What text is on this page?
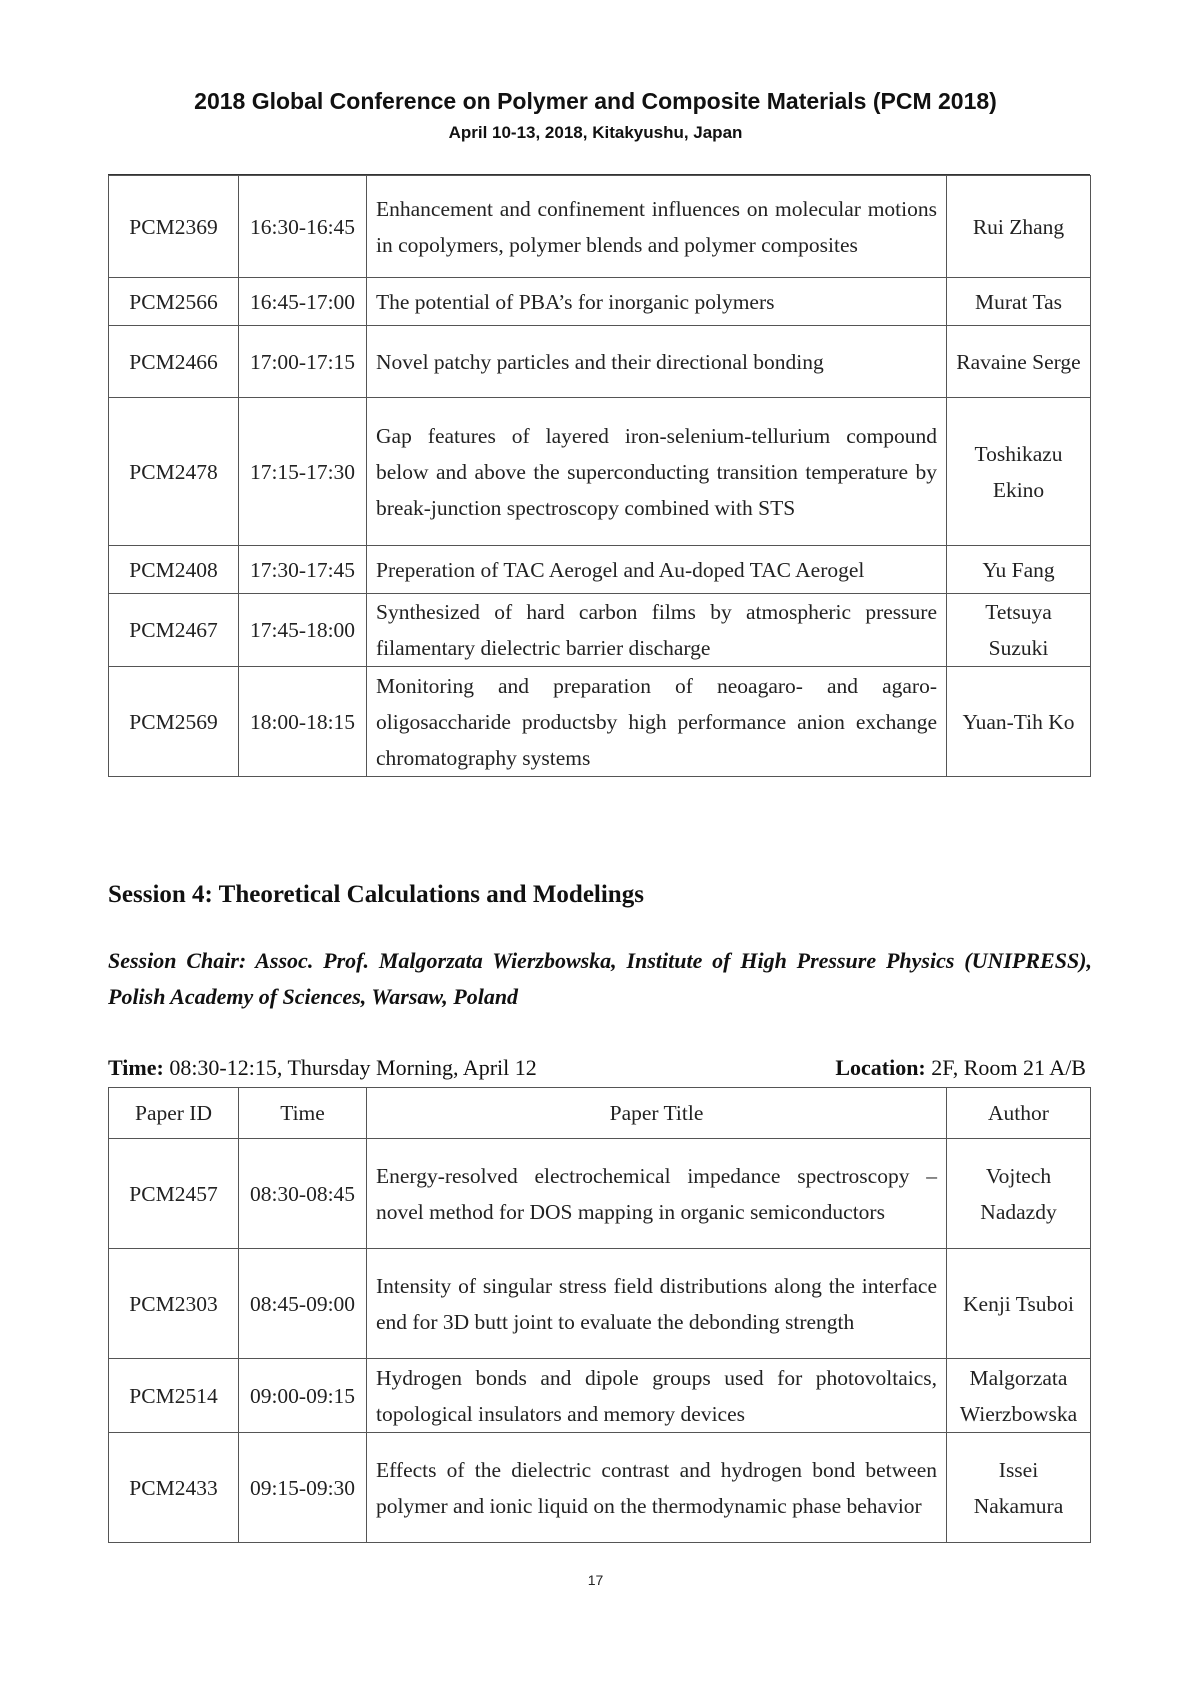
2018 Global Conference on Polymer and Composite Materials (PCM 2018)
April 10-13, 2018, Kitakyushu, Japan
PCM2369	16:30-16:45	Enhancement and confinement influences on molecular motions in copolymers, polymer blends and polymer composites	Rui Zhang
PCM2566	16:45-17:00	The potential of PBA’s for inorganic polymers	Murat Tas
PCM2466	17:00-17:15	Novel patchy particles and their directional bonding	Ravaine Serge
PCM2478	17:15-17:30	Gap features of layered iron-selenium-tellurium compound below and above the superconducting transition temperature by break-junction spectroscopy combined with STS	Toshikazu Ekino
PCM2408	17:30-17:45	Preperation of TAC Aerogel and Au-doped TAC Aerogel	Yu Fang
PCM2467	17:45-18:00	Synthesized of hard carbon films by atmospheric pressure filamentary dielectric barrier discharge	Tetsuya Suzuki
PCM2569	18:00-18:15	Monitoring and preparation of neoagaro- and agaro-oligosaccharide productsby high performance anion exchange chromatography systems	Yuan-Tih Ko
Session 4: Theoretical Calculations and Modelings
Session Chair: Assoc. Prof. Malgorzata Wierzbowska, Institute of High Pressure Physics (UNIPRESS), Polish Academy of Sciences, Warsaw, Poland
Time: 08:30-12:15, Thursday Morning, April 12	Location: 2F, Room 21 A/B
Paper ID	Time	Paper Title	Author
PCM2457	08:30-08:45	Energy-resolved electrochemical impedance spectroscopy – novel method for DOS mapping in organic semiconductors	Vojtech Nadazdy
PCM2303	08:45-09:00	Intensity of singular stress field distributions along the interface end for 3D butt joint to evaluate the debonding strength	Kenji Tsuboi
PCM2514	09:00-09:15	Hydrogen bonds and dipole groups used for photovoltaics, topological insulators and memory devices	Malgorzata Wierzbowska
PCM2433	09:15-09:30	Effects of the dielectric contrast and hydrogen bond between polymer and ionic liquid on the thermodynamic phase behavior	Issei Nakamura
17
